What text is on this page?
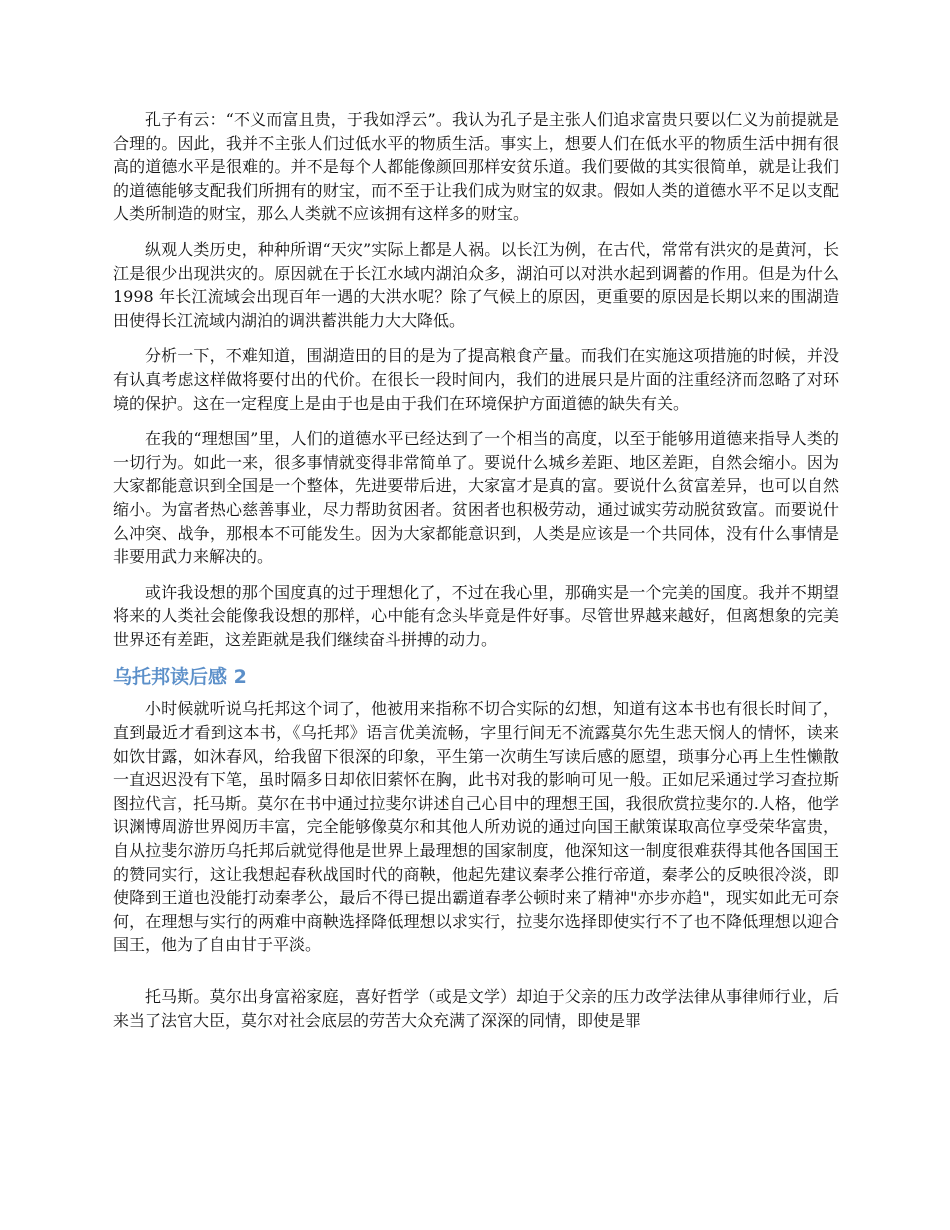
孔子有云：“不义而富且贵，于我如浮云”。我认为孔子是主张人们追求富贵只要以仁义为前提就是合理的。因此，我并不主张人们过低水平的物质生活。事实上，想要人们在低水平的物质生活中拥有很高的道德水平是很难的。并不是每个人都能像颜回那样安贫乐道。我们要做的其实很简单，就是让我们的道德能够支配我们所拥有的财宝，而不至于让我们成为财宝的奴隶。假如人类的道德水平不足以支配人类所制造的财宝，那么人类就不应该拥有这样多的财宝。

纵观人类历史，种种所谓“天灾”实际上都是人祸。以长江为例，在古代，常常有洪灾的是黄河，长江是很少出现洪灾的。原因就在于长江水域内湖泊众多，湖泊可以对洪水起到调蓄的作用。但是为什么 1998 年长江流域会出现百年一遇的大洪水呢？除了气候上的原因，更重要的原因是长期以来的围湖造田使得长江流域内湖泊的调洪蓄洪能力大大降低。

分析一下，不难知道，围湖造田的目的是为了提高粮食产量。而我们在实施这项措施的时候，并没有认真考虑这样做将要付出的代价。在很长一段时间内，我们的进展只是片面的注重经济而忽略了对环境的保护。这在一定程度上是由于也是由于我们在环境保护方面道德的缺失有关。

在我的“理想国”里，人们的道德水平已经达到了一个相当的高度，以至于能够用道德来指导人类的一切行为。如此一来，很多事情就变得非常简单了。要说什么城乡差距、地区差距，自然会缩小。因为大家都能意识到全国是一个整体，先进要带后进，大家富才是真的富。要说什么贫富差异，也可以自然缩小。为富者热心慈善事业，尽力帮助贫困者。贫困者也积极劳动，通过诚实劳动脱贫致富。而要说什么冲突、战争，那根本不可能发生。因为大家都能意识到，人类是应该是一个共同体，没有什么事情是非要用武力来解决的。

或许我设想的那个国度真的过于理想化了，不过在我心里，那确实是一个完美的国度。我并不期望将来的人类社会能像我设想的那样，心中能有念头毕竟是件好事。尽管世界越来越好，但离想象的完美世界还有差距，这差距就是我们继续奋斗拼搏的动力。

乌托邦读后感 2

小时候就听说乌托邦这个词了，他被用来指称不切合实际的幻想，知道有这本书也有很长时间了，直到最近才看到这本书，《乌托邦》语言优美流畅，字里行间无不流露莫尔先生悲天悯人的情怀，读来如饮甘露，如沐春风，给我留下很深的印象，平生第一次萌生写读后感的愿望，琐事分心再上生性懒散一直迟迟没有下笔，虽时隔多日却依旧萦怀在胸，此书对我的影响可见一般。正如尼采通过学习查拉斯图拉代言，托马斯。莫尔在书中通过拉斐尔讲述自己心目中的理想王国，我很欣赏拉斐尔的.人格，他学识渊博周游世界阅历丰富，完全能够像莫尔和其他人所劝说的通过向国王献策谋取高位享受荣华富贵，自从拉斐尔游历乌托邦后就觉得他是世界上最理想的国家制度，他深知这一制度很难获得其他各国国王的赞同实行，这让我想起春秋战国时代的商鞅，他起先建议秦孝公推行帝道，秦孝公的反映很冷淡，即使降到王道也没能打动秦孝公，最后不得已提出霸道春孝公顿时来了精神"亦步亦趋"，现实如此无可奈何，在理想与实行的两难中商鞅选择降低理想以求实行，拉斐尔选择即使实行不了也不降低理想以迎合国王，他为了自由甘于平淡。

托马斯。莫尔出身富裕家庭，喜好哲学（或是文学）却迫于父亲的压力改学法律从事律师行业，后来当了法官大臣，莫尔对社会底层的劳苦大众充满了深深的同情，即使是罪
